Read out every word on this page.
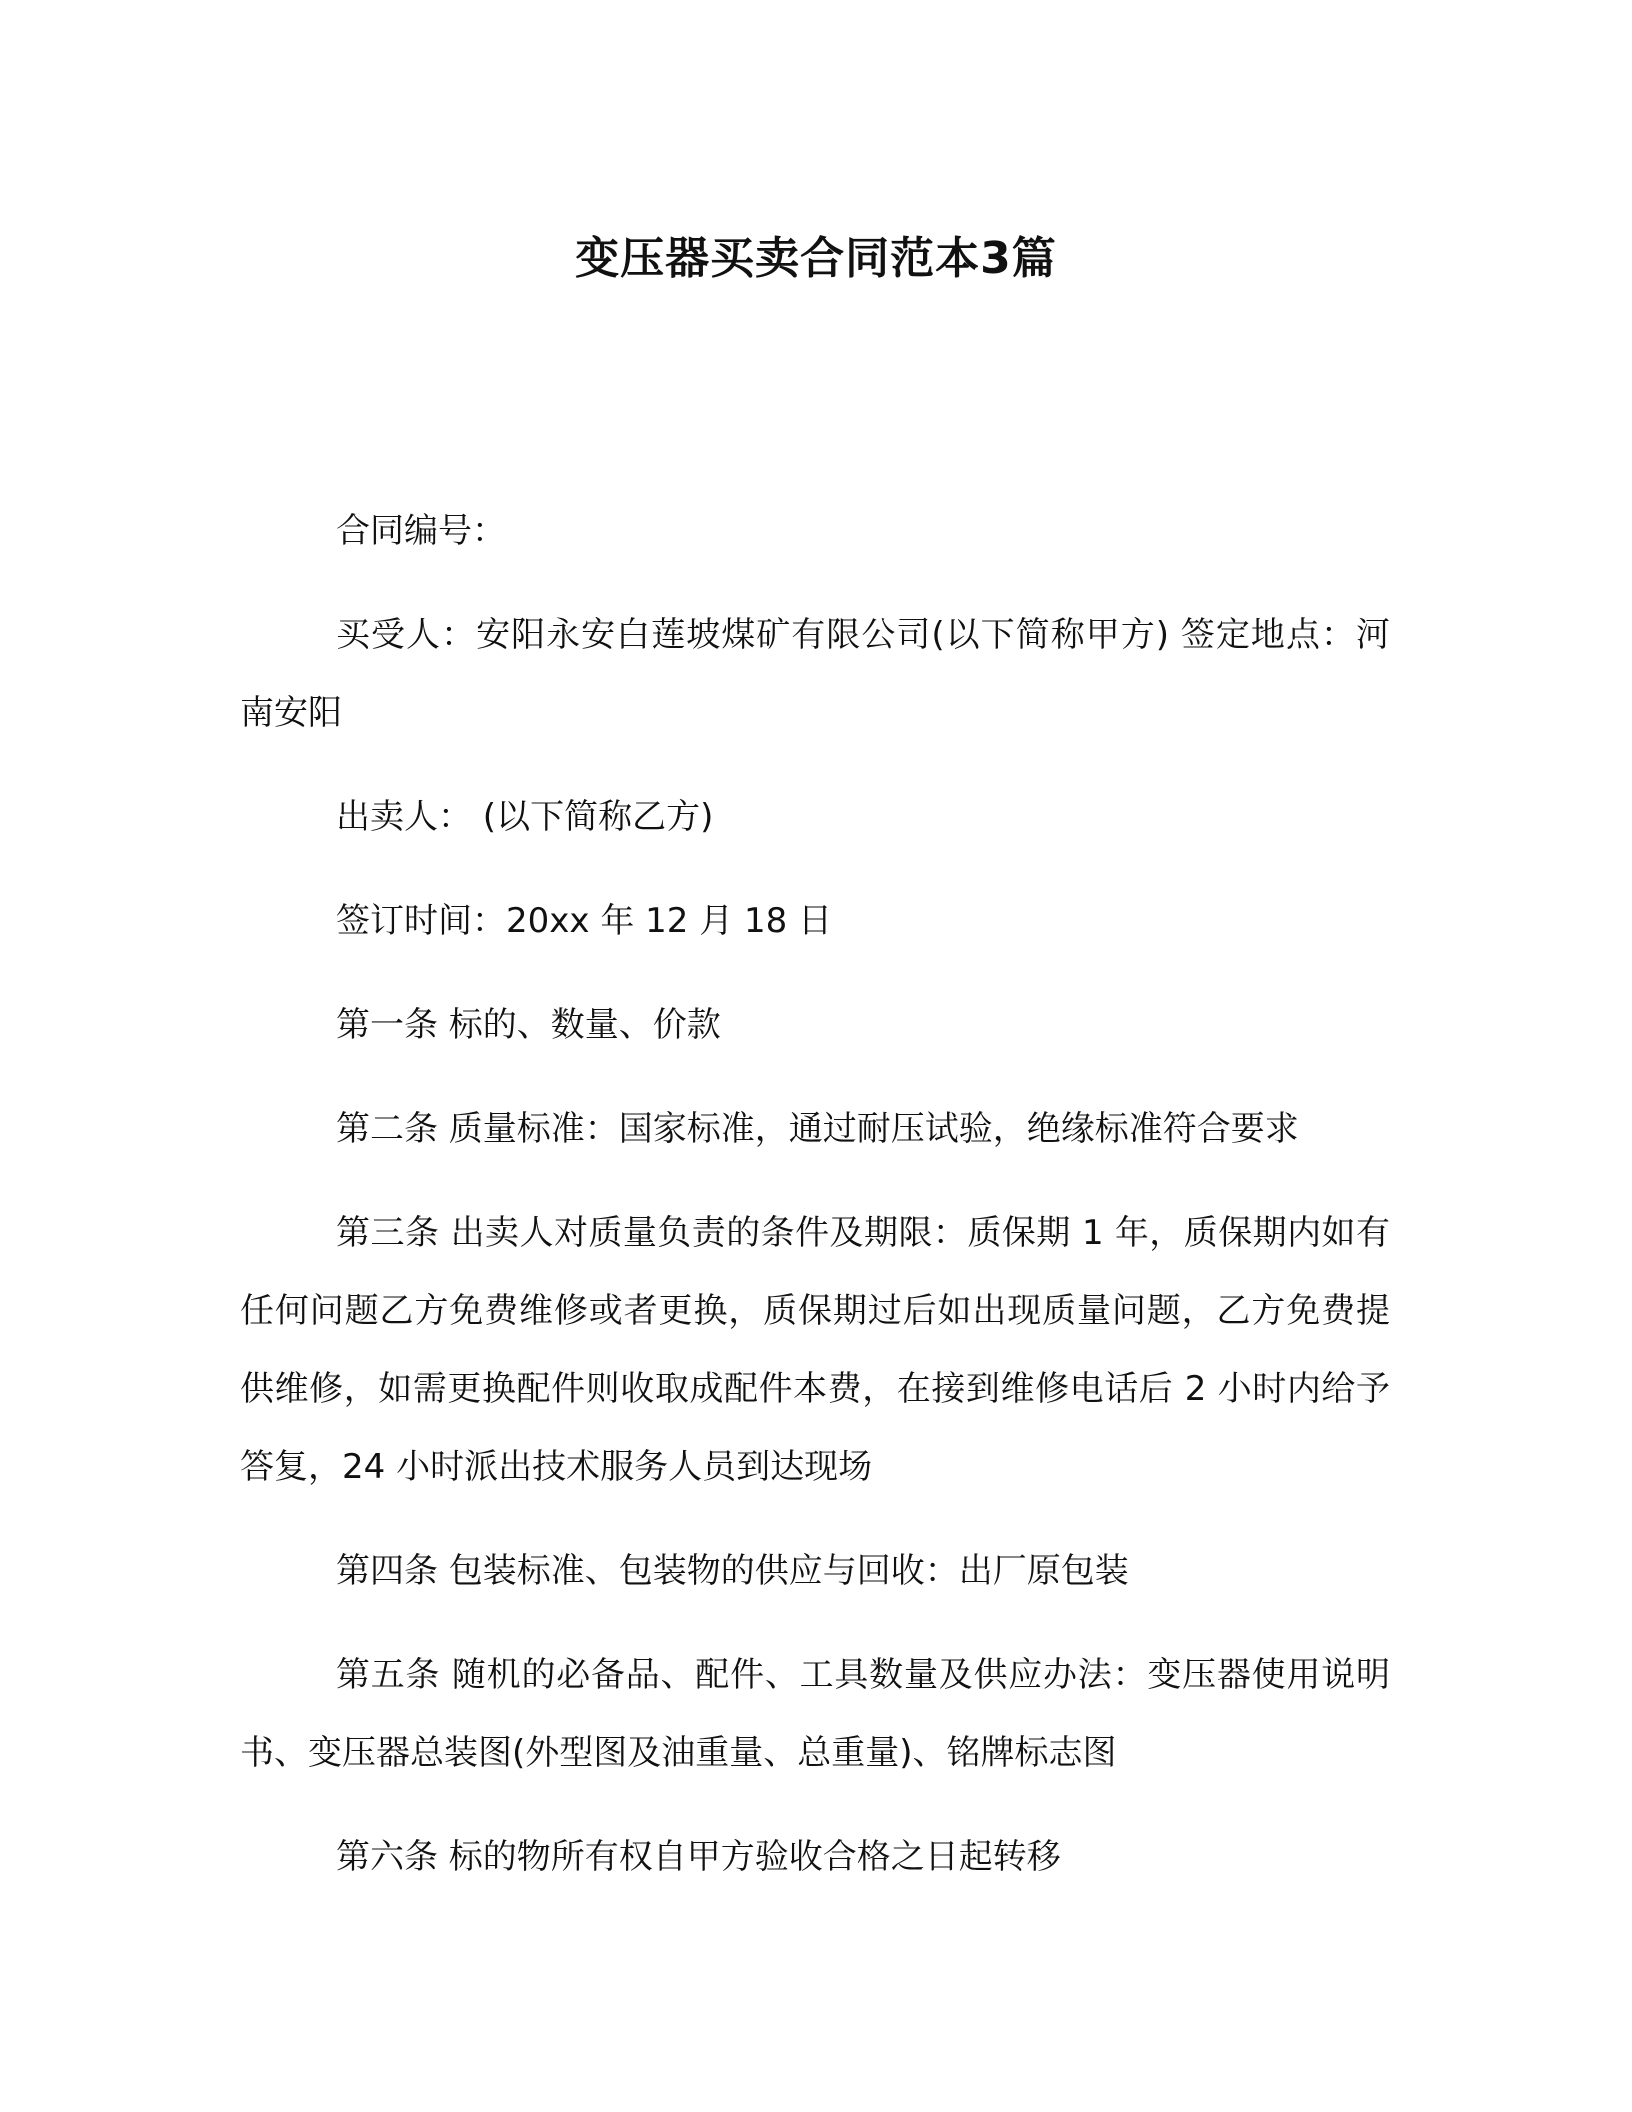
变压器买卖合同范本3篇

合同编号：

买受人：安阳永安白莲坡煤矿有限公司(以下简称甲方) 签定地点：河南安阳

出卖人： (以下简称乙方)

签订时间：20xx 年 12 月 18 日

第一条 标的、数量、价款

第二条 质量标准：国家标准，通过耐压试验，绝缘标准符合要求

第三条 出卖人对质量负责的条件及期限：质保期 1 年，质保期内如有任何问题乙方免费维修或者更换，质保期过后如出现质量问题，乙方免费提供维修，如需更换配件则收取成配件本费，在接到维修电话后 2 小时内给予答复，24 小时派出技术服务人员到达现场

第四条 包装标准、包装物的供应与回收：出厂原包装

第五条 随机的必备品、配件、工具数量及供应办法：变压器使用说明书、变压器总装图(外型图及油重量、总重量)、铭牌标志图

第六条 标的物所有权自甲方验收合格之日起转移
